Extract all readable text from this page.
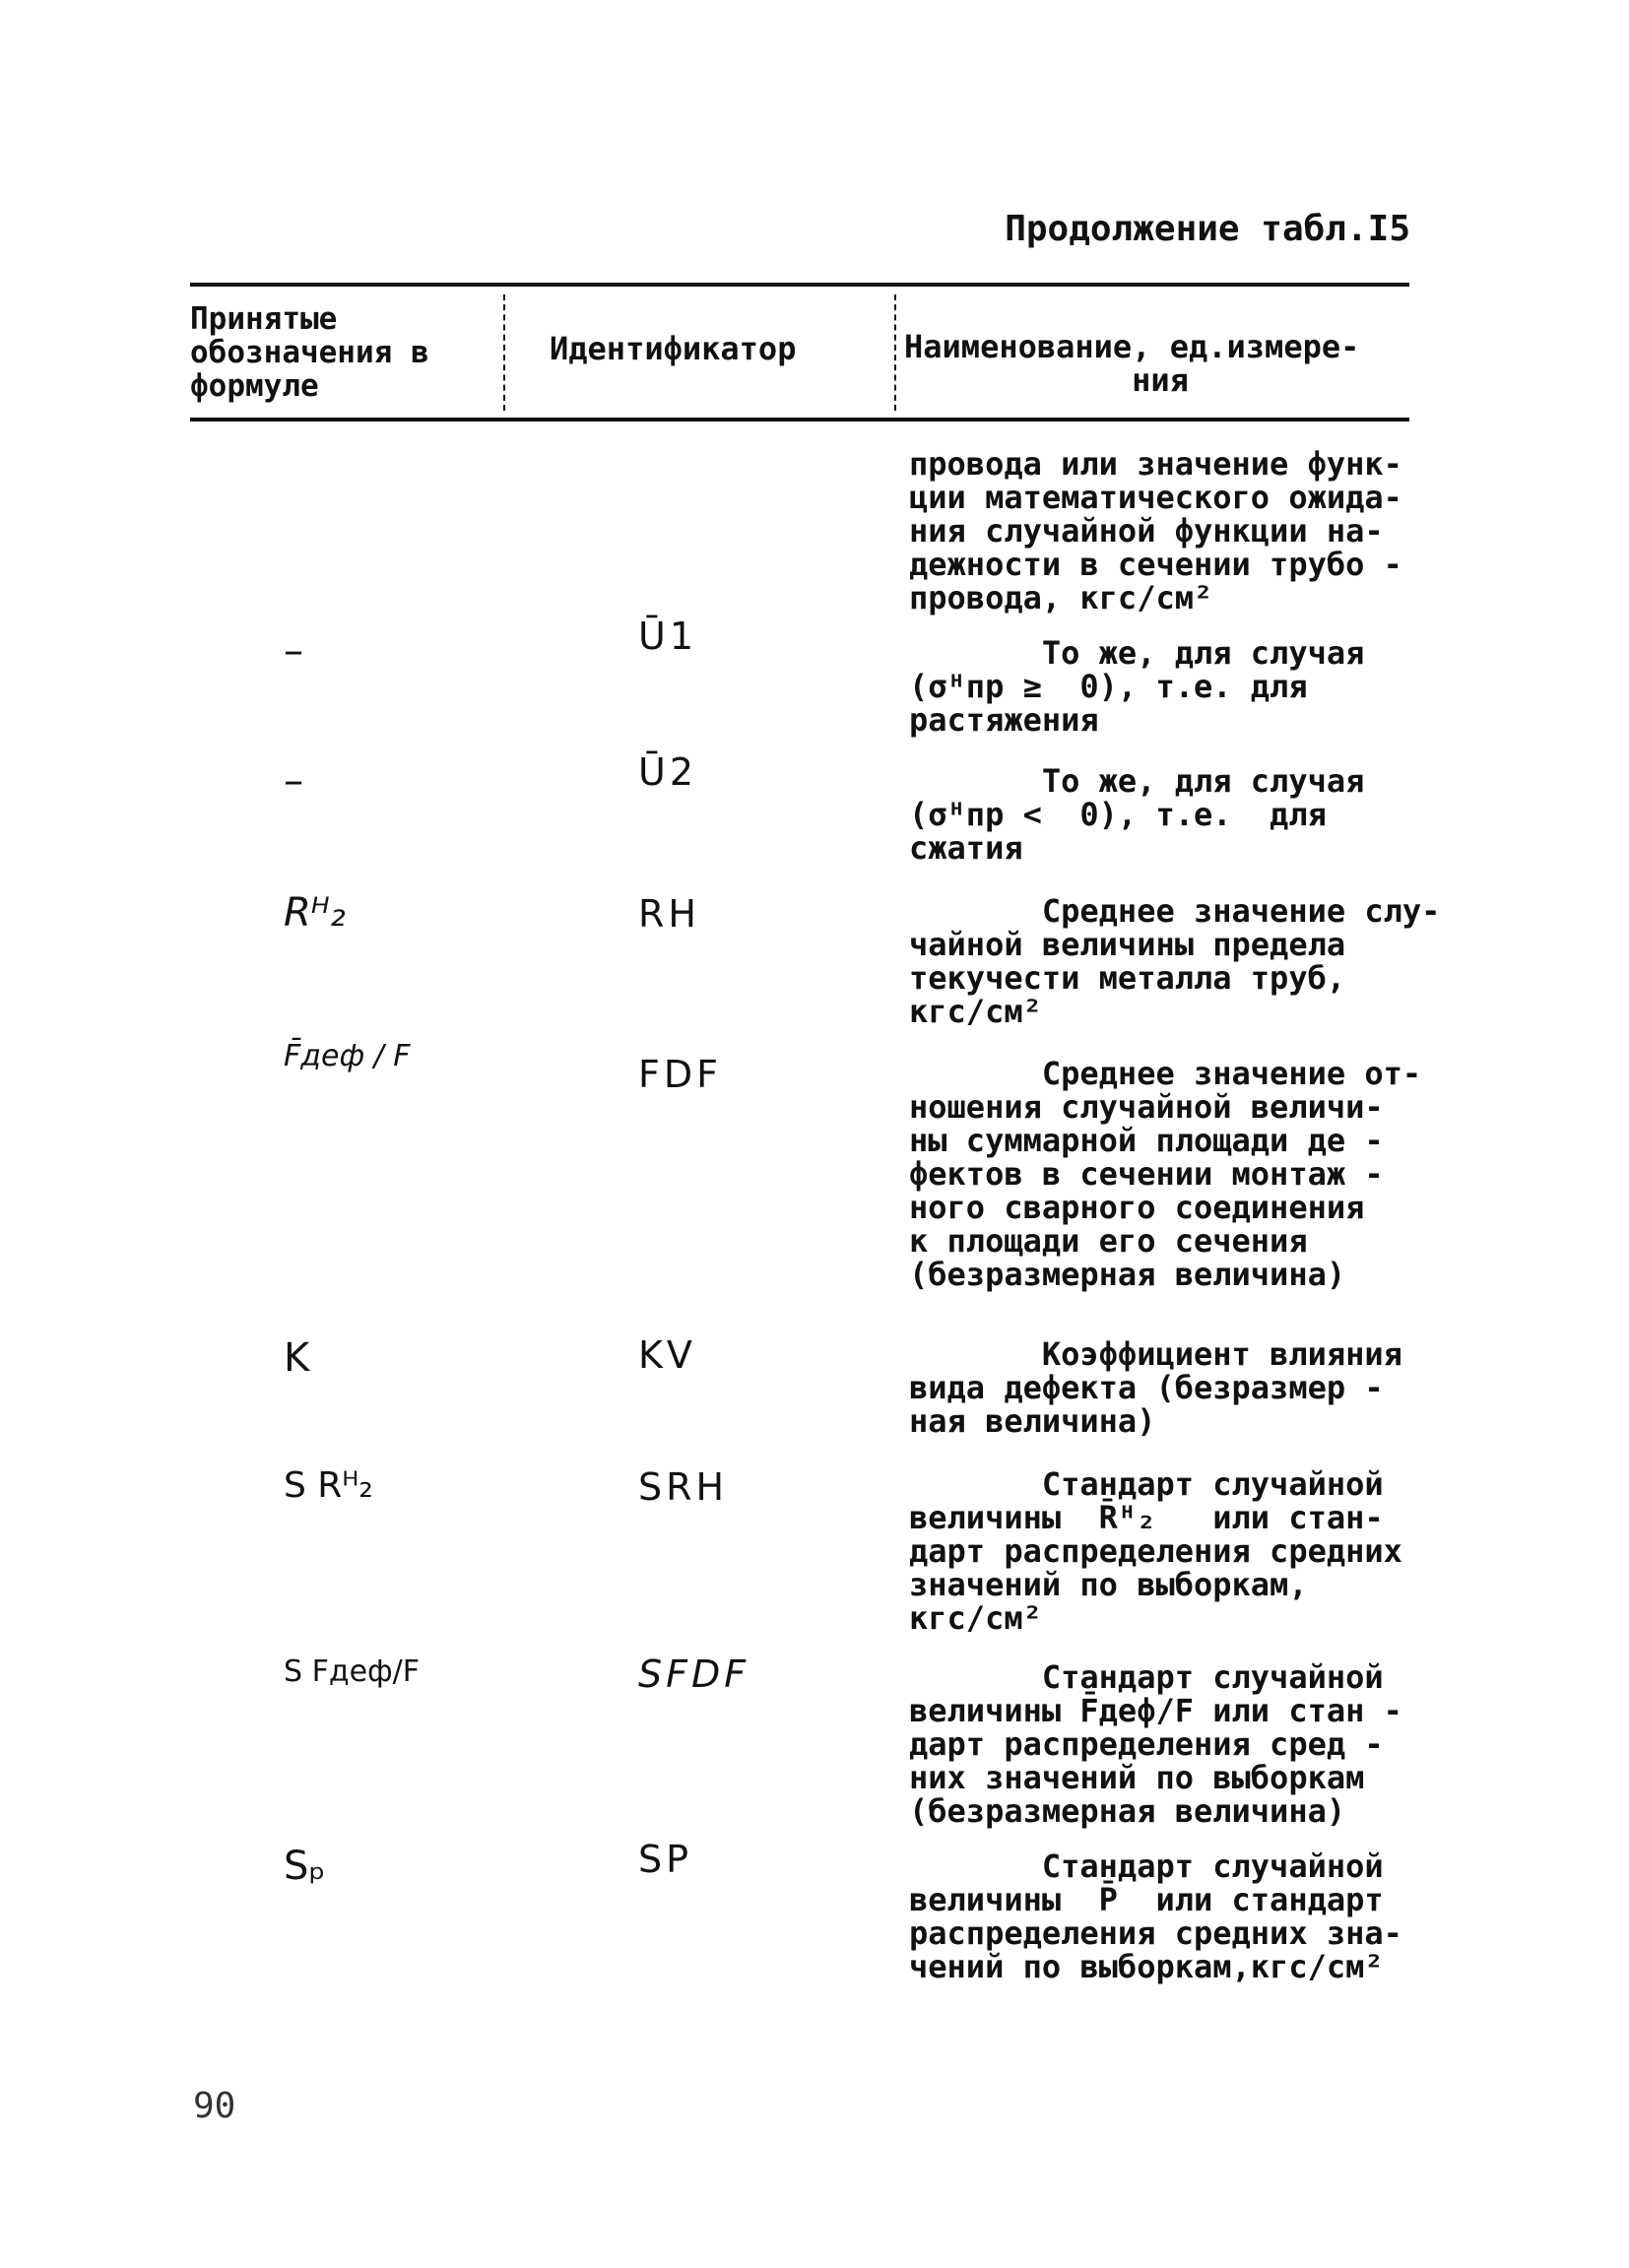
Продолжение табл.I5
Принятые обозначения в формуле
Идентификатор	Наименование, ед.измере-
ния
провода или значение функ-
ции математического ожида-
ния случайной функции на-
дежности в сечении трубо -
провода, кгс/см²
–	Ū1	То же, для случая
(σᴴпр ≥  0), т.е. для
растяжения
–	Ū2	То же, для случая
(σᴴпр <  0), т.е.  для
сжатия
Rᴴ₂	RH	Среднее значение слу-
чайной величины предела
текучести металла труб,
кгс/см²
F̄деф / F	FDF	Среднее значение от-
ношения случайной величи-
ны суммарной площади де -
фектов в сечении монтаж -
ного сварного соединения
к площади его сечения
(безразмерная величина)
K	KV	Коэффициент влияния
вида дефекта (безразмер -
ная величина)
S Rᴴ₂	SRH	Стандарт случайной
величины  R̄ᴴ₂   или стан-
дарт распределения средних
значений по выборкам,
кгс/см²
S Fдеф/F	SFDF	Стандарт случайной
величины F̄деф/F или стан -
дарт распределения сред -
них значений по выборкам
(безразмерная величина)
Sₚ	SP	Стандарт случайной
величины  P̄  или стандарт
распределения средних зна-
чений по выборкам,кгс/см²
90
